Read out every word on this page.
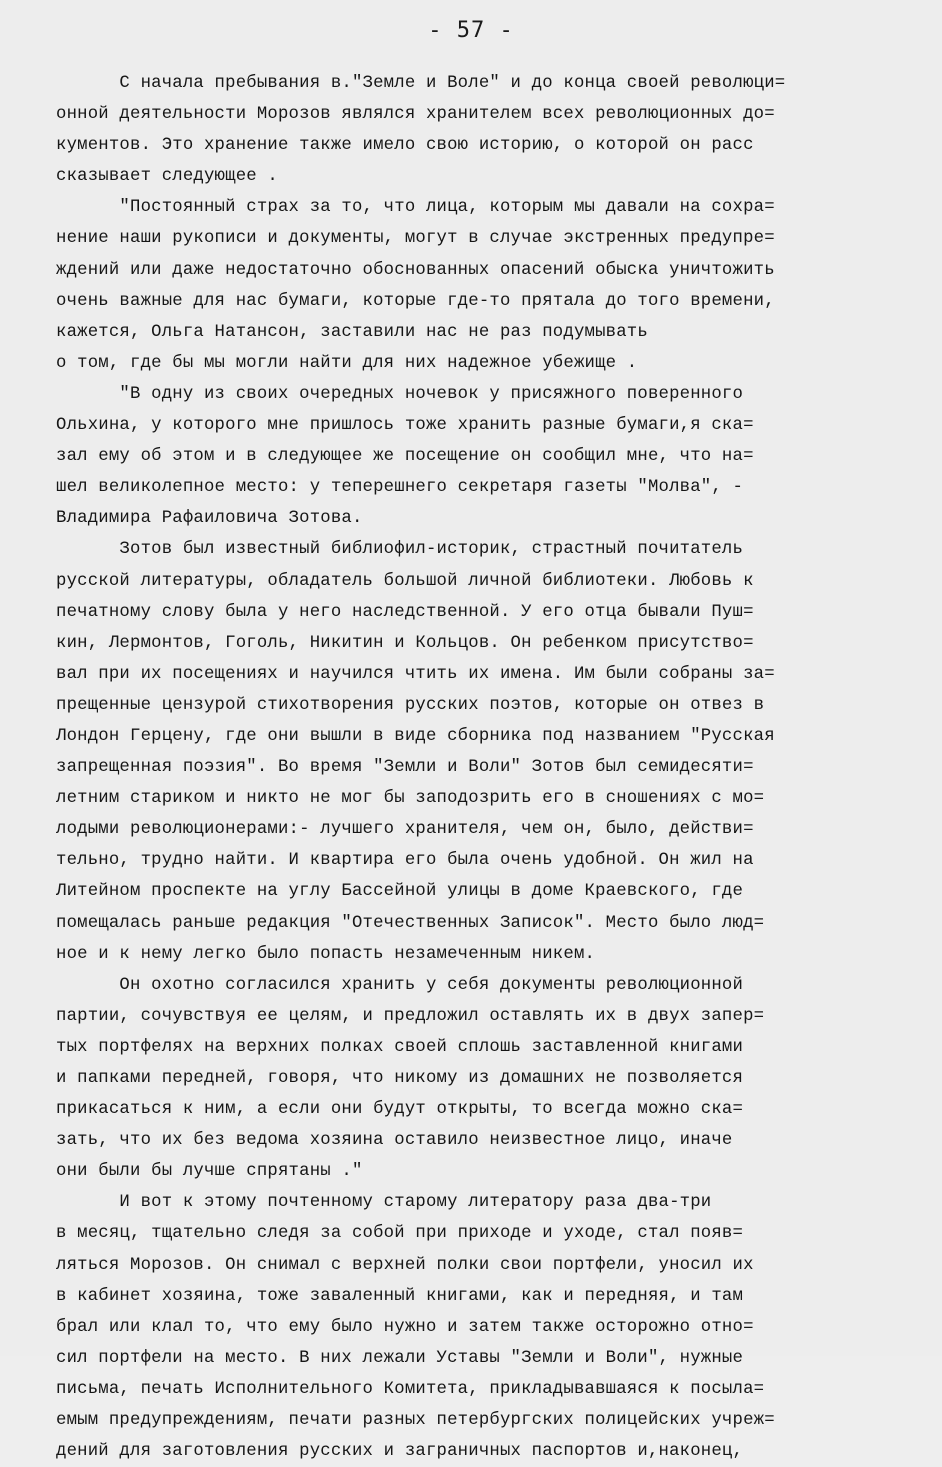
- 57 -
С начала пребывания в."Земле и Воле" и до конца своей революци=
онной деятельности Морозов являлся хранителем всех революционных до=
кументов. Это хранение также имело свою историю, о которой он расс
сказывает следующее .
"Постоянный страх за то, что лица, которым мы давали на сохра=
нение наши рукописи и документы, могут в случае экстренных предупре=
ждений или даже недостаточно обоснованных опасений обыска уничтожить
очень важные для нас бумаги, которые где-то прятала до того времени,
кажется, Ольга Натансон, заставили нас не раз подумывать
о том, где бы мы могли найти для них надежное убежище .
"В одну из своих очередных ночевок у присяжного поверенного
Ольхина, у которого мне пришлось тоже хранить разные бумаги,я ска=
зал ему об этом и в следующее же посещение он сообщил мне, что на=
шел великолепное место: у теперешнего секретаря газеты "Молва", -
Владимира Рафаиловича Зотова.
Зотов был известный библиофил-историк, страстный почитатель
русской литературы, обладатель большой личной библиотеки. Любовь к
печатному слову была у него наследственной. У его отца бывали Пуш=
кин, Лермонтов, Гоголь, Никитин и Кольцов. Он ребенком присутство=
вал при их посещениях и научился чтить их имена. Им были собраны за=
прещенные цензурой стихотворения русских поэтов, которые он отвез в
Лондон Герцену, где они вышли в виде сборника под названием "Русская
запрещенная поэзия". Во время "Земли и Воли" Зотов был семидесяти=
летним стариком и никто не мог бы заподозрить его в сношениях с мо=
лодыми революционерами:- лучшего хранителя, чем он, было, действи=
тельно, трудно найти. И квартира его была очень удобной. Он жил на
Литейном проспекте на углу Бассейной улицы в доме Краевского, где
помещалась раньше редакция "Отечественных Записок". Место было люд=
ное и к нему легко было попасть незамеченным никем.
Он охотно согласился хранить у себя документы революционной
партии, сочувствуя ее целям, и предложил оставлять их в двух запер=
тых портфелях на верхних полках своей сплошь заставленной книгами
и папками передней, говоря, что никому из домашних не позволяется
прикасаться к ним, а если они будут открыты, то всегда можно ска=
зать, что их без ведома хозяина оставило неизвестное лицо, иначе
они были бы лучше спрятаны ."
И вот к этому почтенному старому литератору раза два-три
в месяц, тщательно следя за собой при приходе и уходе, стал появ=
ляться Морозов. Он снимал с верхней полки свои портфели, уносил их
в кабинет хозяина, тоже заваленный книгами, как и передняя, и там
брал или клал то, что ему было нужно и затем также осторожно отно=
сил портфели на место. В них лежали Уставы "Земли и Воли", нужные
письма, печать Исполнительного Комитета, прикладывавшаяся к посыла=
емым предупреждениям, печати разных петербургских полицейских учреж=
дений для заготовления русских и заграничных паспортов и,наконец,
